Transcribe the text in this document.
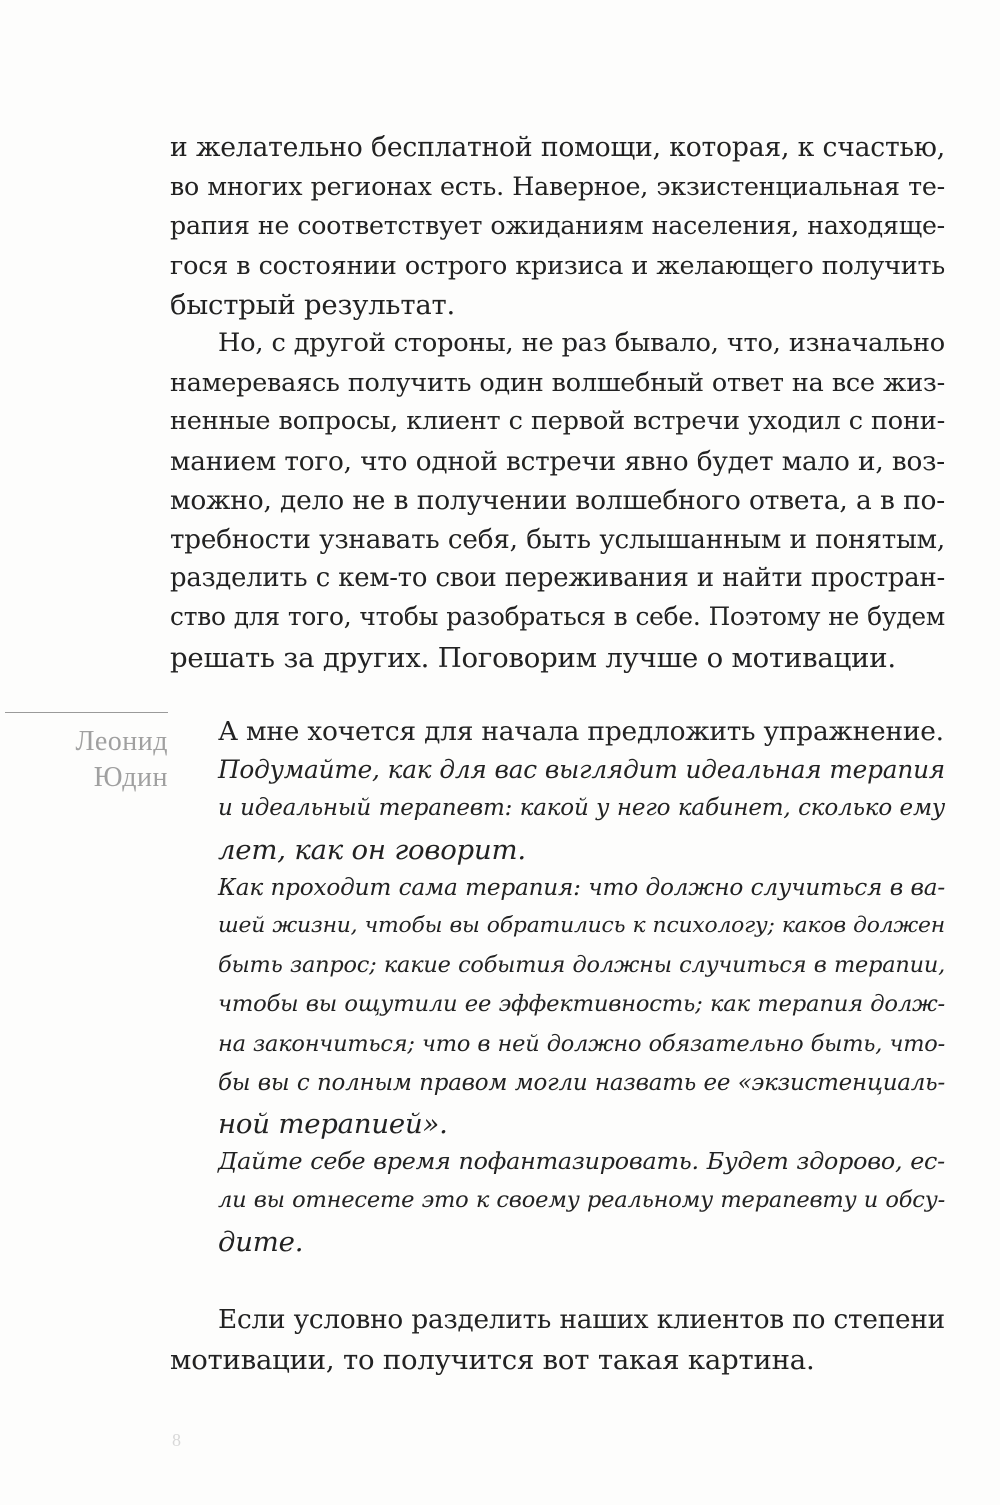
и желательно бесплатной помощи, которая, к счастью,
во многих регионах есть. Наверное, экзистенциальная те-
рапия не соответствует ожиданиям населения, находяще-
гося в состоянии острого кризиса и желающего получить
быстрый результат.
Но, с другой стороны, не раз бывало, что, изначально
намереваясь получить один волшебный ответ на все жиз-
ненные вопросы, клиент с первой встречи уходил с пони-
манием того, что одной встречи явно будет мало и, воз-
можно, дело не в получении волшебного ответа, а в по-
требности узнавать себя, быть услышанным и понятым,
разделить с кем-то свои переживания и найти простран-
ство для того, чтобы разобраться в себе. Поэтому не будем
решать за других. Поговорим лучше о мотивации.
Леонид
Юдин
А мне хочется для начала предложить упражнение.
Подумайте, как для вас выглядит идеальная терапия
и идеальный терапевт: какой у него кабинет, сколько ему
лет, как он говорит.
Как проходит сама терапия: что должно случиться в ва-
шей жизни, чтобы вы обратились к психологу; каков должен
быть запрос; какие события должны случиться в терапии,
чтобы вы ощутили ее эффективность; как терапия долж-
на закончиться; что в ней должно обязательно быть, что-
бы вы с полным правом могли назвать ее «экзистенциаль-
ной терапией».
Дайте себе время пофантазировать. Будет здорово, ес-
ли вы отнесете это к своему реальному терапевту и обсу-
дите.
Если условно разделить наших клиентов по степени
мотивации, то получится вот такая картина.
8
